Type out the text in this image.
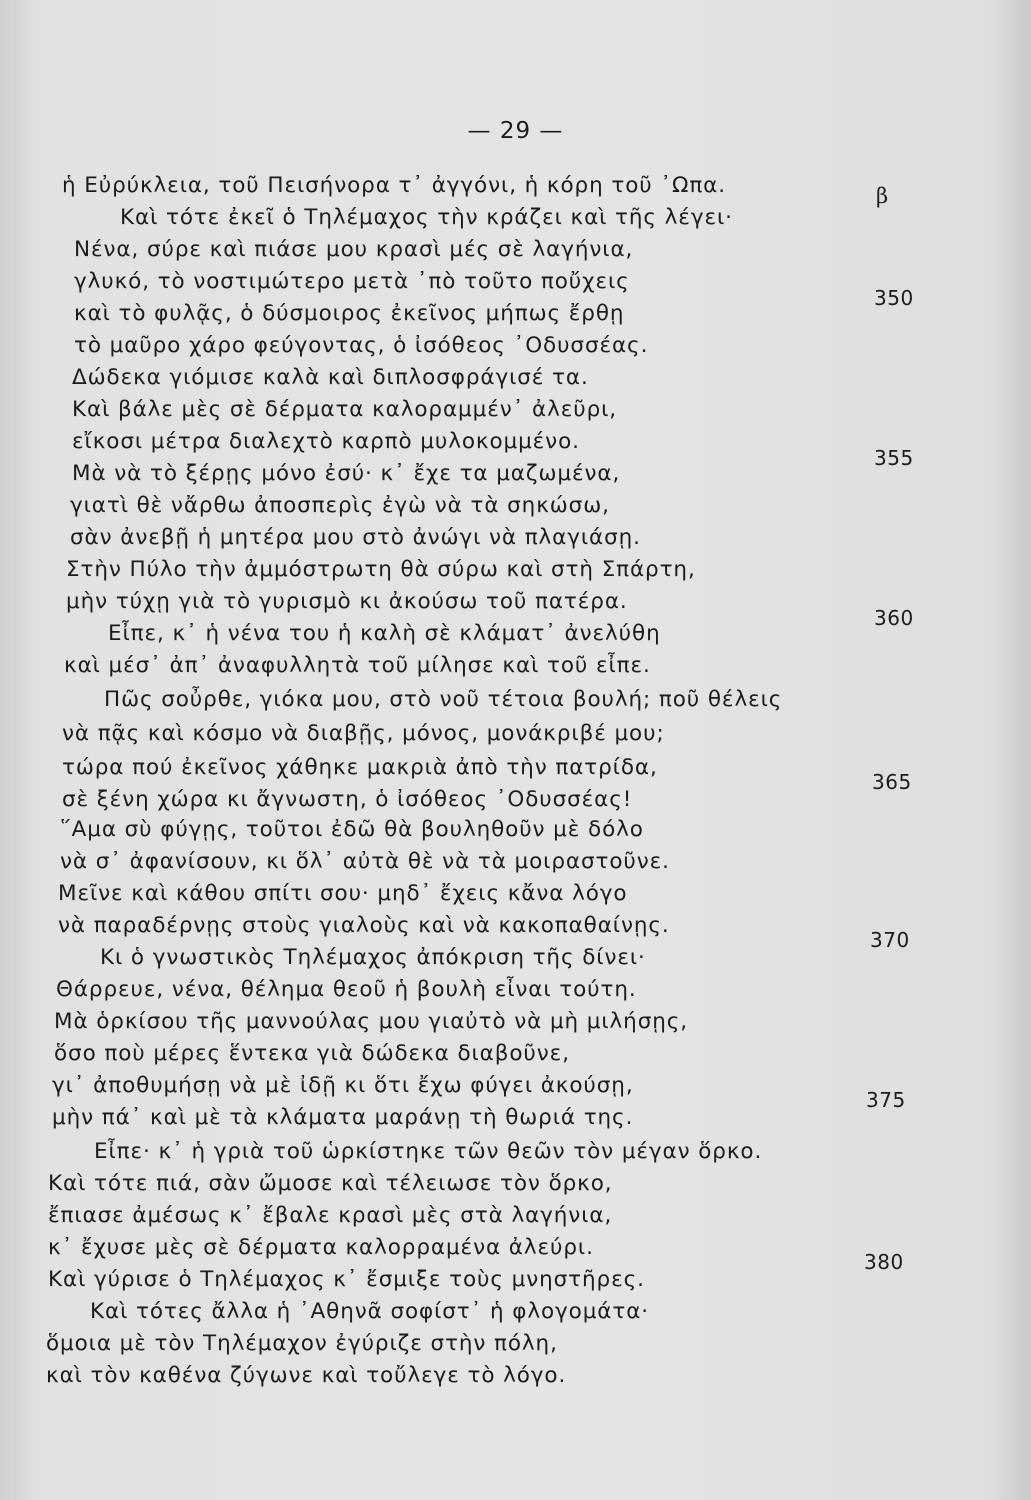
— 29 —
β
ἡ Εὐρύκλεια, τοῦ Πεισήνορα τ᾿ ἀγγόνι, ἡ κόρη τοῦ ᾿Ωπα.
Καὶ τότε ἐκεῖ ὁ Τηλέμαχος τὴν κράζει καὶ τῆς λέγει·
Νένα, σύρε καὶ πιάσε μου κρασὶ μές σὲ λαγήνια,
γλυκό, τὸ νοστιμώτερο μετὰ ᾿πὸ τοῦτο ποὔχεις
καὶ τὸ φυλᾷς, ὁ δύσμοιρος ἐκεῖνος μήπως ἔρθῃ
τὸ μαῦρο χάρο φεύγοντας, ὁ ἰσόθεος ᾿Οδυσσέας.
Δώδεκα γιόμισε καλὰ καὶ διπλοσφράγισέ τα.
Καὶ βάλε μὲς σὲ δέρματα καλοραμμέν᾿ ἀλεῦρι,
εἴκοσι μέτρα διαλεχτὸ καρπὸ μυλοκομμένο.
Μὰ νὰ τὸ ξέρῃς μόνο ἐσύ· κ᾿ ἔχε τα μαζωμένα,
γιατὶ θὲ νἄρθω ἀποσπερὶς ἐγὼ νὰ τὰ σηκώσω,
σὰν ἀνεβῇ ἡ μητέρα μου στὸ ἀνώγι νὰ πλαγιάσῃ.
Στὴν Πύλο τὴν ἀμμόστρωτη θὰ σύρω καὶ στὴ Σπάρτη,
μὴν τύχῃ γιὰ τὸ γυρισμὸ κι ἀκούσω τοῦ πατέρα.
Εἶπε, κ᾿ ἡ νένα του ἡ καλὴ σὲ κλάματ᾿ ἀνελύθη
καὶ μέσ᾿ ἀπ᾿ ἀναφυλλητὰ τοῦ μίλησε καὶ τοῦ εἶπε.
Πῶς σοὖρθε, γιόκα μου, στὸ νοῦ τέτοια βουλή; ποῦ θέλεις
νὰ πᾷς καὶ κόσμο νὰ διαβῇς, μόνος, μονάκριβέ μου;
τώρα πού ἐκεῖνος χάθηκε μακριὰ ἀπὸ τὴν πατρίδα,
σὲ ξένη χώρα κι ἄγνωστη, ὁ ἰσόθεος ᾿Οδυσσέας!
῞Αμα σὺ φύγῃς, τοῦτοι ἐδῶ θὰ βουληθοῦν μὲ δόλο
νὰ σ᾿ ἀφανίσουν, κι ὅλ᾿ αὐτὰ θὲ νὰ τὰ μοιραστοῦνε.
Μεῖνε καὶ κάθου σπίτι σου· μηδ᾿ ἔχεις κἄνα λόγο
νὰ παραδέρνῃς στοὺς γιαλοὺς καὶ νὰ κακοπαθαίνῃς.
Κι ὁ γνωστικὸς Τηλέμαχος ἀπόκριση τῆς δίνει·
Θάρρευε, νένα, θέλημα θεοῦ ἡ βουλὴ εἶναι τούτη.
Μὰ ὁρκίσου τῆς μαννούλας μου γιαὐτὸ νὰ μὴ μιλήσῃς,
ὅσο ποὺ μέρες ἕντεκα γιὰ δώδεκα διαβοῦνε,
γι᾿ ἀποθυμήσῃ νὰ μὲ ἰδῇ κι ὅτι ἔχω φύγει ἀκούσῃ,
μὴν πά᾿ καὶ μὲ τὰ κλάματα μαράνῃ τὴ θωριά της.
Εἶπε· κ᾿ ἡ γριὰ τοῦ ὡρκίστηκε τῶν θεῶν τὸν μέγαν ὅρκο.
Καὶ τότε πιά, σὰν ὤμοσε καὶ τέλειωσε τὸν ὅρκο,
ἔπιασε ἀμέσως κ᾿ ἔβαλε κρασὶ μὲς στὰ λαγήνια,
κ᾿ ἔχυσε μὲς σὲ δέρματα καλορραμένα ἀλεύρι.
Καὶ γύρισε ὁ Τηλέμαχος κ᾿ ἔσμιξε τοὺς μνηστῆρες.
Καὶ τότες ἄλλα ἡ ᾿Αθηνᾶ σοφίστ᾿ ἡ φλογομάτα·
ὅμοια μὲ τὸν Τηλέμαχον ἐγύριζε στὴν πόλη,
καὶ τὸν καθένα ζύγωνε καὶ τοὔλεγε τὸ λόγο.
350
355
360
365
370
375
380
